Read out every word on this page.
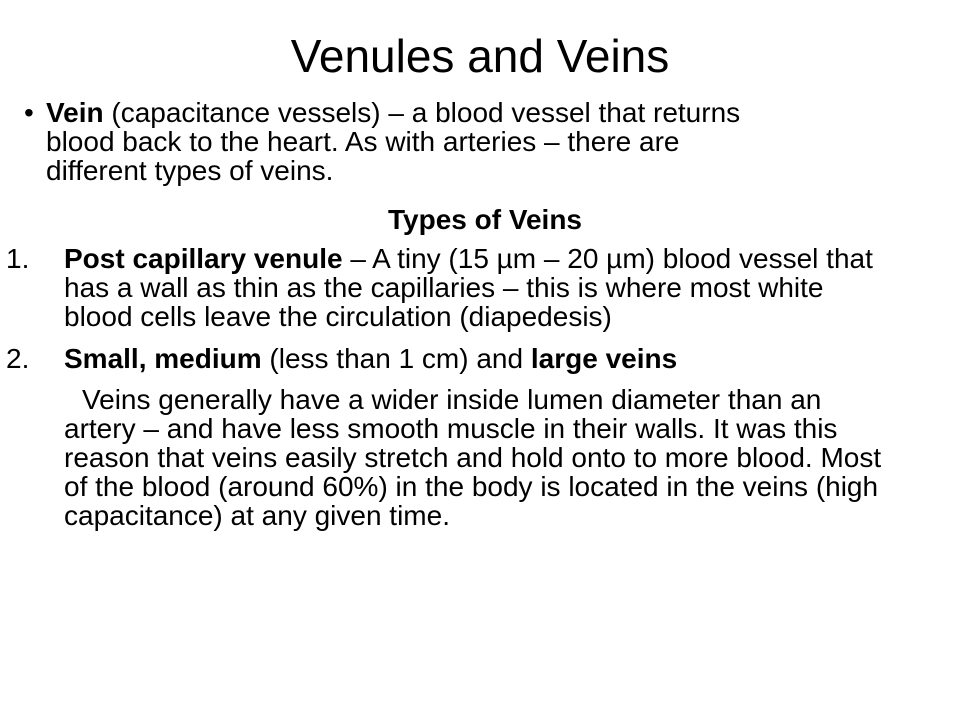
Venules and Veins

• Vein (capacitance vessels) – a blood vessel that returns blood back to the heart. As with arteries – there are different types of veins.

Types of Veins

1. Post capillary venule – A tiny (15 µm – 20 µm) blood vessel that has a wall as thin as the capillaries – this is where most white blood cells leave the circulation (diapedesis)

2. Small, medium (less than 1 cm) and large veins

Veins generally have a wider inside lumen diameter than an artery – and have less smooth muscle in their walls. It was this reason that veins easily stretch and hold onto to more blood. Most of the blood (around 60%) in the body is located in the veins (high capacitance) at any given time.
